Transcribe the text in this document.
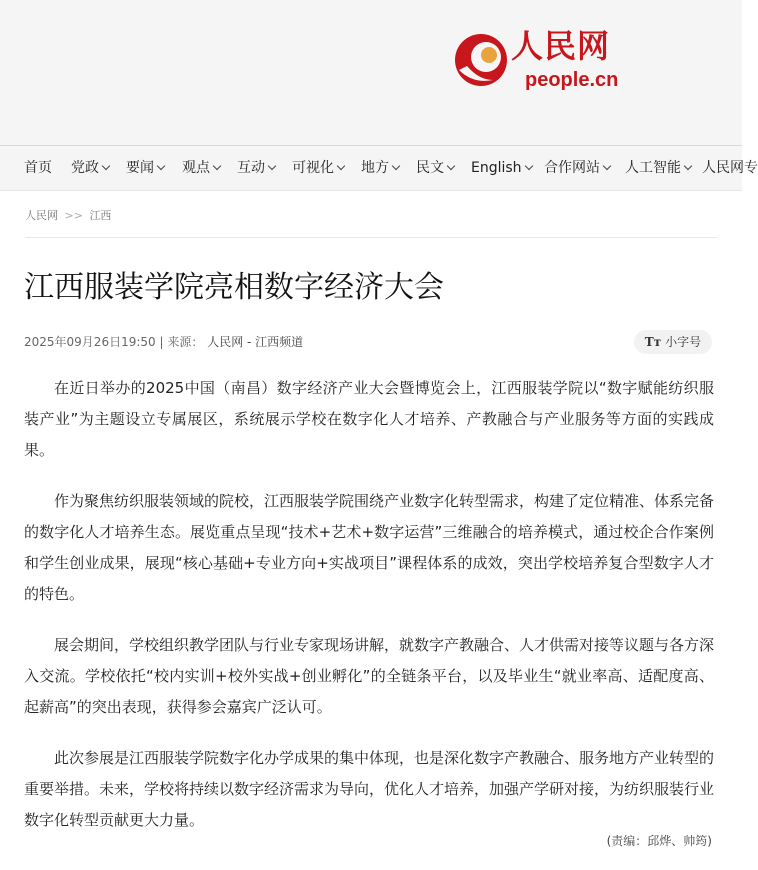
人民网
people.cn
首页 党政	要闻	观点	互动	可视化	地方	民文	English	合作网站	人工智能	人民网专
人民网 >> 江西
江西服装学院亮相数字经济大会
2025年09月26日19:50 | 来源： 人民网 - 江西频道	Tт 小字号

在近日举办的2025中国（南昌）数字经济产业大会暨博览会上，江西服装学院以“数字赋能纺织服装产业”为主题设立专属展区，系统展示学校在数字化人才培养、产教融合与产业服务等方面的实践成果。

作为聚焦纺织服装领域的院校，江西服装学院围绕产业数字化转型需求，构建了定位精准、体系完备的数字化人才培养生态。展览重点呈现“技术+艺术+数字运营”三维融合的培养模式，通过校企合作案例和学生创业成果，展现“核心基础+专业方向+实战项目”课程体系的成效，突出学校培养复合型数字人才的特色。

展会期间，学校组织教学团队与行业专家现场讲解，就数字产教融合、人才供需对接等议题与各方深入交流。学校依托“校内实训+校外实战+创业孵化”的全链条平台，以及毕业生“就业率高、适配度高、起薪高”的突出表现，获得参会嘉宾广泛认可。

此次参展是江西服装学院数字化办学成果的集中体现，也是深化数字产教融合、服务地方产业转型的重要举措。未来，学校将持续以数字经济需求为导向，优化人才培养，加强产学研对接，为纺织服装行业数字化转型贡献更大力量。

(责编：邱烨、帅筠)
